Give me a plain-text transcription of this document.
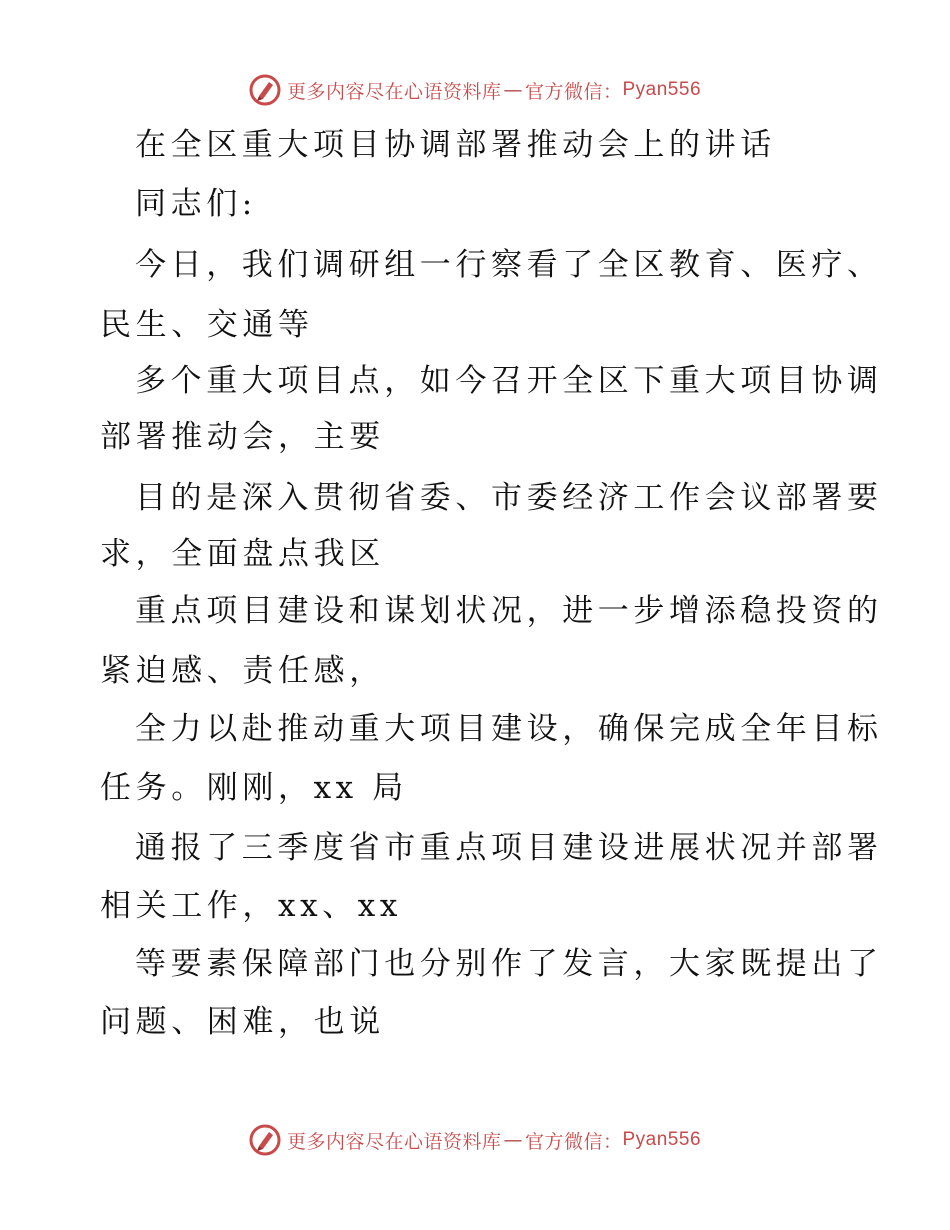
更多内容尽在心语资料库 — 官方微信： Pyan556
在全区重大项目协调部署推动会上的讲话
同志们:
今日，我们调研组一行察看了全区教育、医疗、
民生、交通等
多个重大项目点，如今召开全区下重大项目协调
部署推动会，主要
目的是深入贯彻省委、市委经济工作会议部署要
求，全面盘点我区
重点项目建设和谋划状况，进一步增添稳投资的
紧迫感、责任感，
全力以赴推动重大项目建设，确保完成全年目标
任务。刚刚，xx 局
通报了三季度省市重点项目建设进展状况并部署
相关工作，xx、xx
等要素保障部门也分别作了发言，大家既提出了
问题、困难，也说
更多内容尽在心语资料库 — 官方微信： Pyan556
